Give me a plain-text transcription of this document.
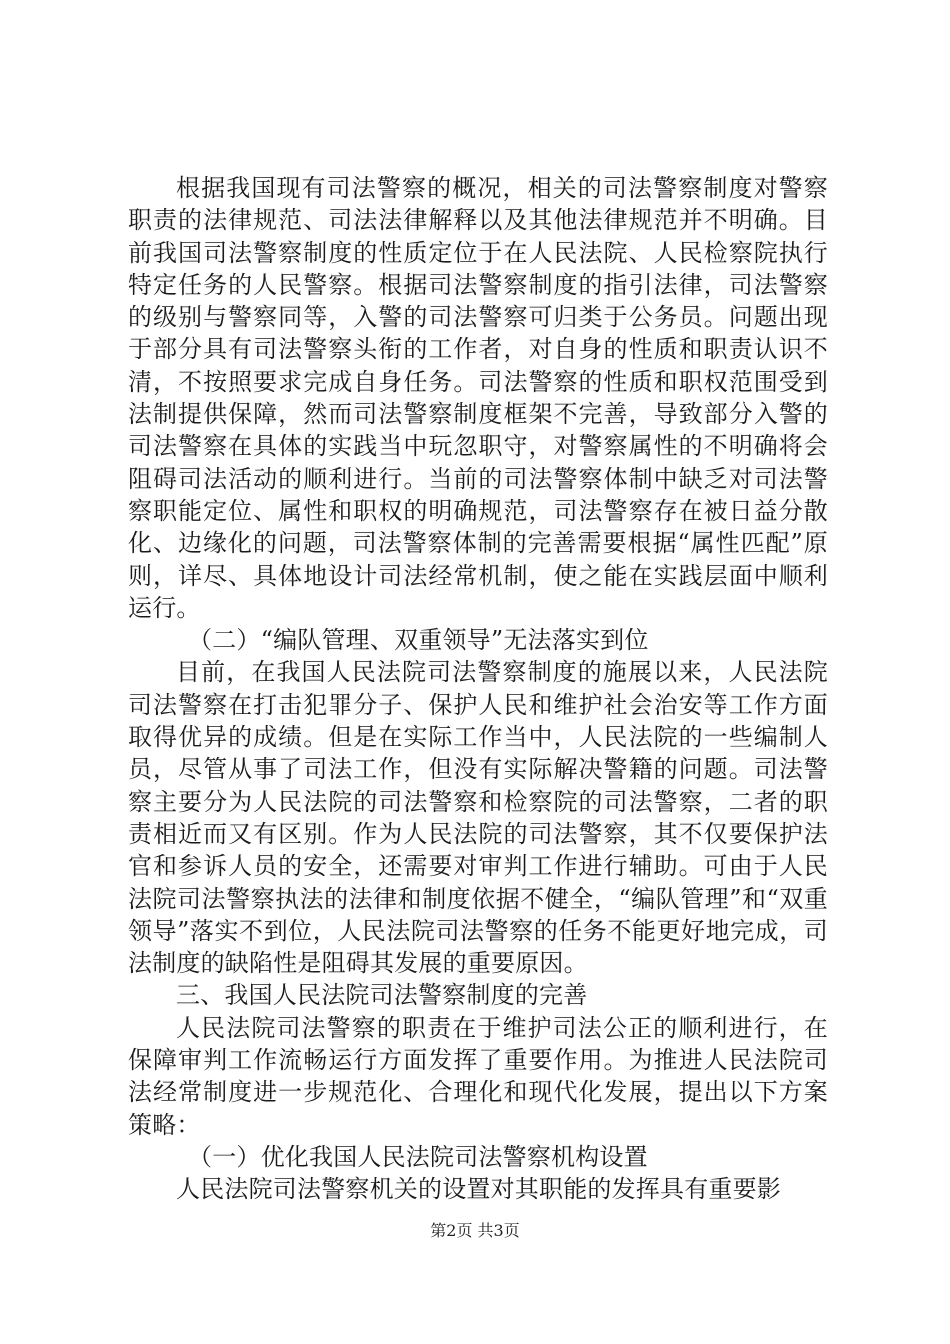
根据我国现有司法警察的概况，相关的司法警察制度对警察职责的法律规范、司法法律解释以及其他法律规范并不明确。目前我国司法警察制度的性质定位于在人民法院、人民检察院执行特定任务的人民警察。根据司法警察制度的指引法律，司法警察的级别与警察同等，入警的司法警察可归类于公务员。问题出现于部分具有司法警察头衔的工作者，对自身的性质和职责认识不清，不按照要求完成自身任务。司法警察的性质和职权范围受到法制提供保障，然而司法警察制度框架不完善，导致部分入警的司法警察在具体的实践当中玩忽职守，对警察属性的不明确将会阻碍司法活动的顺利进行。当前的司法警察体制中缺乏对司法警察职能定位、属性和职权的明确规范，司法警察存在被日益分散化、边缘化的问题，司法警察体制的完善需要根据“属性匹配”原则，详尽、具体地设计司法经常机制，使之能在实践层面中顺利运行。

（二）“编队管理、双重领导”无法落实到位

目前，在我国人民法院司法警察制度的施展以来，人民法院司法警察在打击犯罪分子、保护人民和维护社会治安等工作方面取得优异的成绩。但是在实际工作当中，人民法院的一些编制人员，尽管从事了司法工作，但没有实际解决警籍的问题。司法警察主要分为人民法院的司法警察和检察院的司法警察，二者的职责相近而又有区别。作为人民法院的司法警察，其不仅要保护法官和参诉人员的安全，还需要对审判工作进行辅助。可由于人民法院司法警察执法的法律和制度依据不健全，“编队管理”和“双重领导”落实不到位，人民法院司法警察的任务不能更好地完成，司法制度的缺陷性是阻碍其发展的重要原因。

三、我国人民法院司法警察制度的完善

人民法院司法警察的职责在于维护司法公正的顺利进行，在保障审判工作流畅运行方面发挥了重要作用。为推进人民法院司法经常制度进一步规范化、合理化和现代化发展，提出以下方案策略：

（一）优化我国人民法院司法警察机构设置

人民法院司法警察机关的设置对其职能的发挥具有重要影

第2页 共3页
